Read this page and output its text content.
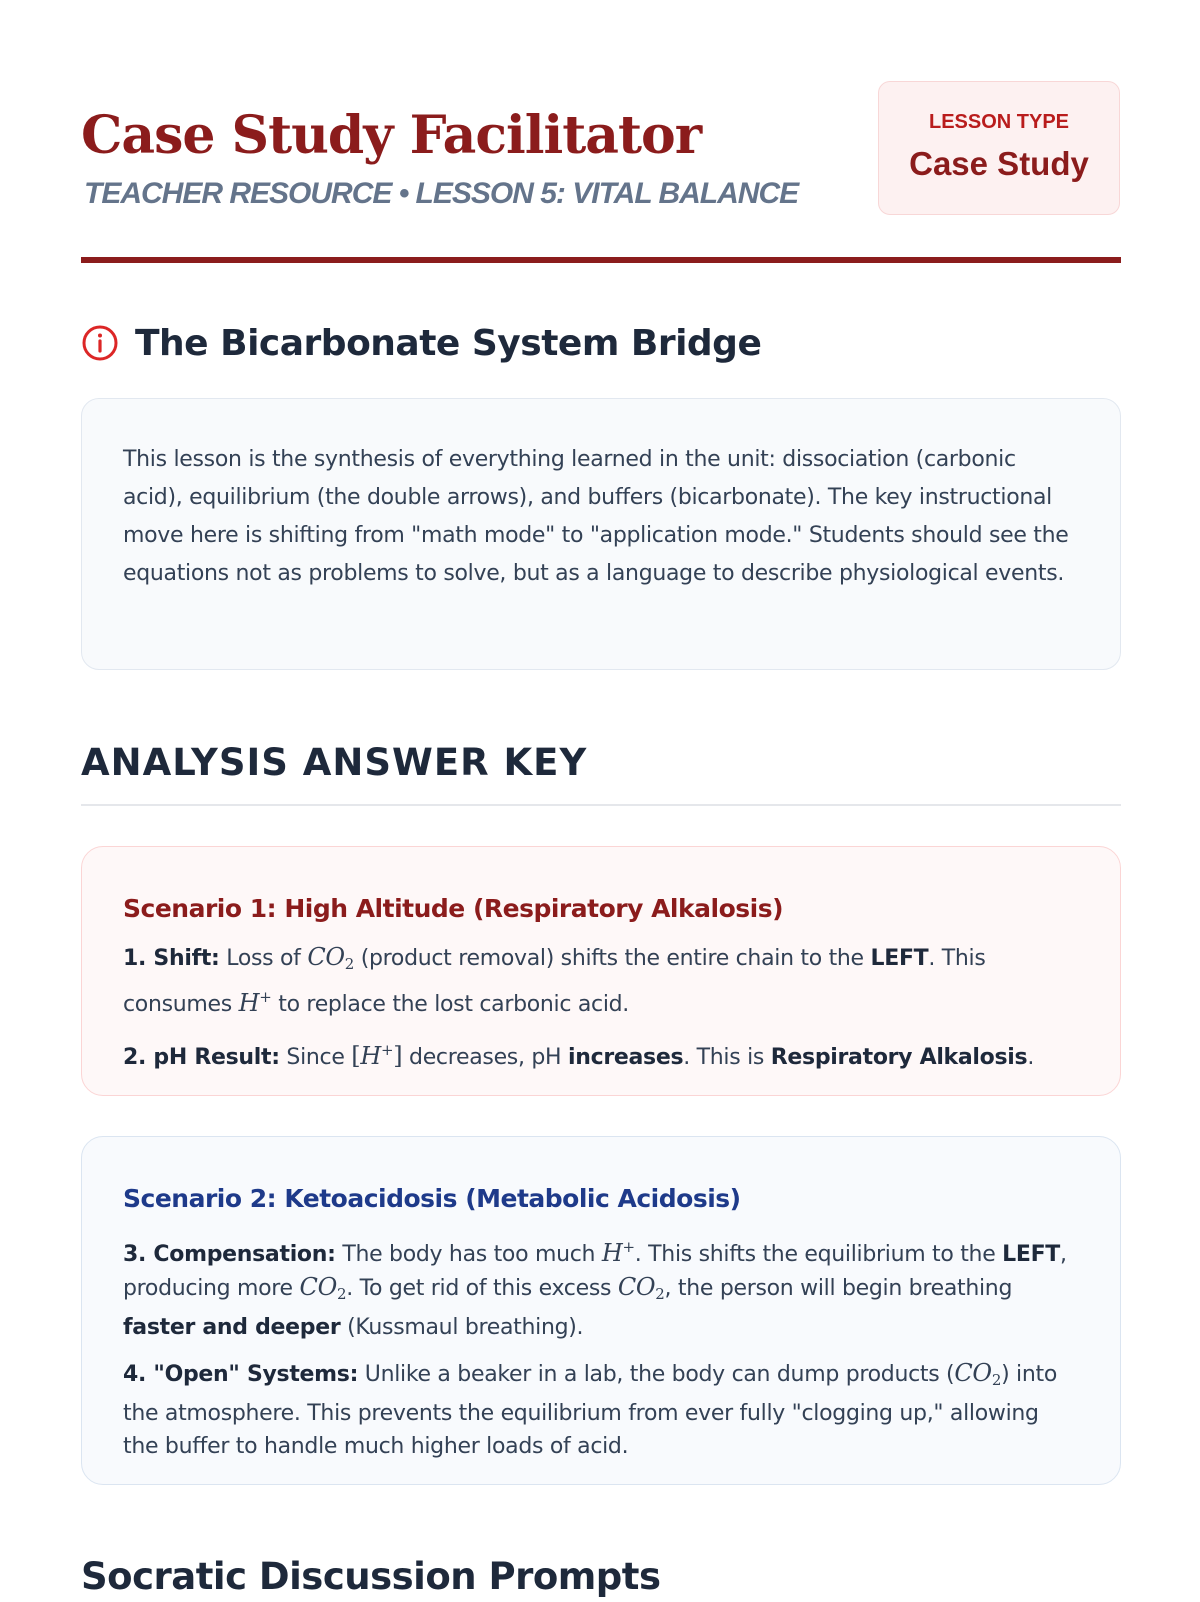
Case Study Facilitator
TEACHER RESOURCE • LESSON 5: VITAL BALANCE
LESSON TYPE
Case Study
The Bicarbonate System Bridge

This lesson is the synthesis of everything learned in the unit: dissociation (carbonic acid), equilibrium (the double arrows), and buffers (bicarbonate). The key instructional move here is shifting from "math mode" to "application mode." Students should see the equations not as problems to solve, but as a language to describe physiological events.

ANALYSIS ANSWER KEY
Scenario 1: High Altitude (Respiratory Alkalosis)

1. Shift: Loss of $CO_2$ (product removal) shifts the entire chain to the LEFT. This consumes H+ to replace the lost carbonic acid.

2. pH Result: Since [H+] decreases, pH increases. This is Respiratory Alkalosis.

Scenario 2: Ketoacidosis (Metabolic Acidosis)

3. Compensation: The body has too much H+. This shifts the equilibrium to the LEFT, producing more $CO_2$. To get rid of this excess $CO_2$, the person will begin breathing faster and deeper (Kussmaul breathing).

4. "Open" Systems: Unlike a beaker in a lab, the body can dump products $(CO_2)$ into the atmosphere. This prevents the equilibrium from ever fully "clogging up," allowing the buffer to handle much higher loads of acid.

Socratic Discussion Prompts
